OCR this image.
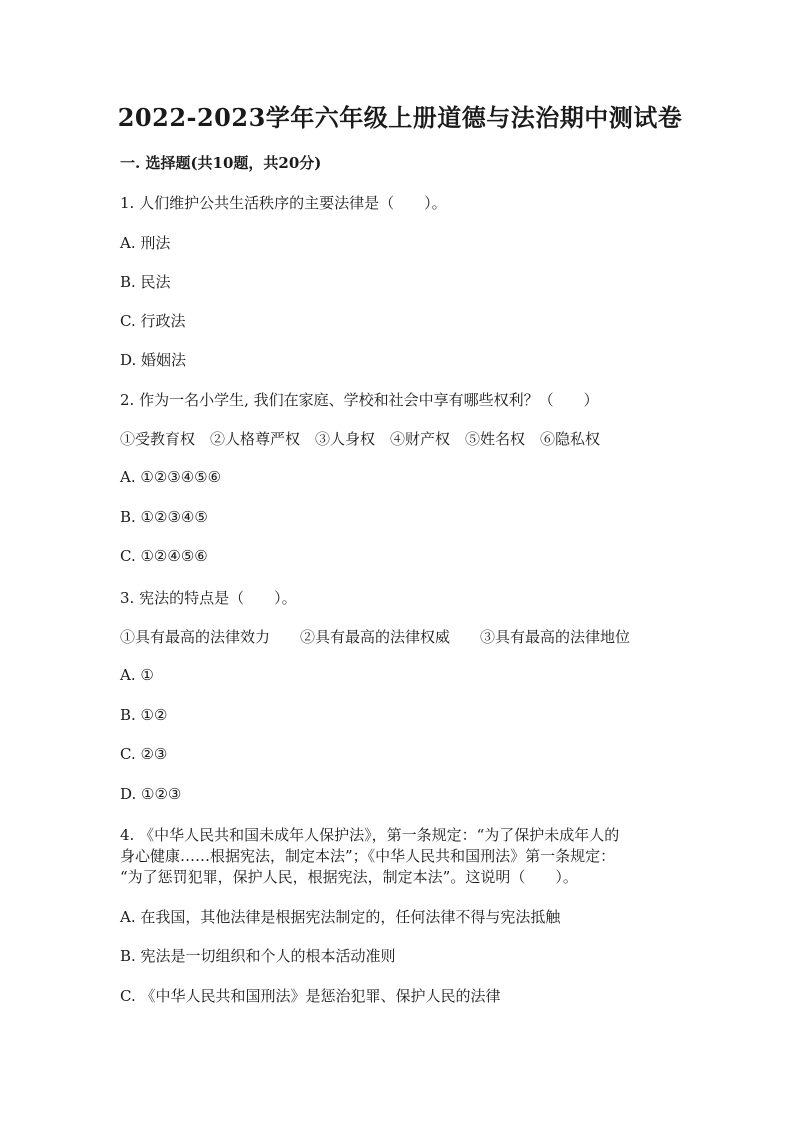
2022-2023学年六年级上册道德与法治期中测试卷
一. 选择题(共10题，共20分)
1. 人们维护公共生活秩序的主要法律是（　　）。
A. 刑法
B. 民法
C. 行政法
D. 婚姻法
2. 作为一名小学生, 我们在家庭、学校和社会中享有哪些权利？（　　）
①受教育权　②人格尊严权　③人身权　④财产权　⑤姓名权　⑥隐私权
A. ①②③④⑤⑥
B. ①②③④⑤
C. ①②④⑤⑥
3. 宪法的特点是（　　）。
①具有最高的法律效力　　②具有最高的法律权威　　③具有最高的法律地位
A. ①
B. ①②
C. ②③
D. ①②③
4. 《中华人民共和国未成年人保护法》，第一条规定：“为了保护未成年人的
身心健康……根据宪法，制定本法”；《中华人民共和国刑法》第一条规定：
“为了惩罚犯罪，保护人民，根据宪法，制定本法”。这说明（　　）。
A. 在我国，其他法律是根据宪法制定的，任何法律不得与宪法抵触
B. 宪法是一切组织和个人的根本活动准则
C. 《中华人民共和国刑法》是惩治犯罪、保护人民的法律
